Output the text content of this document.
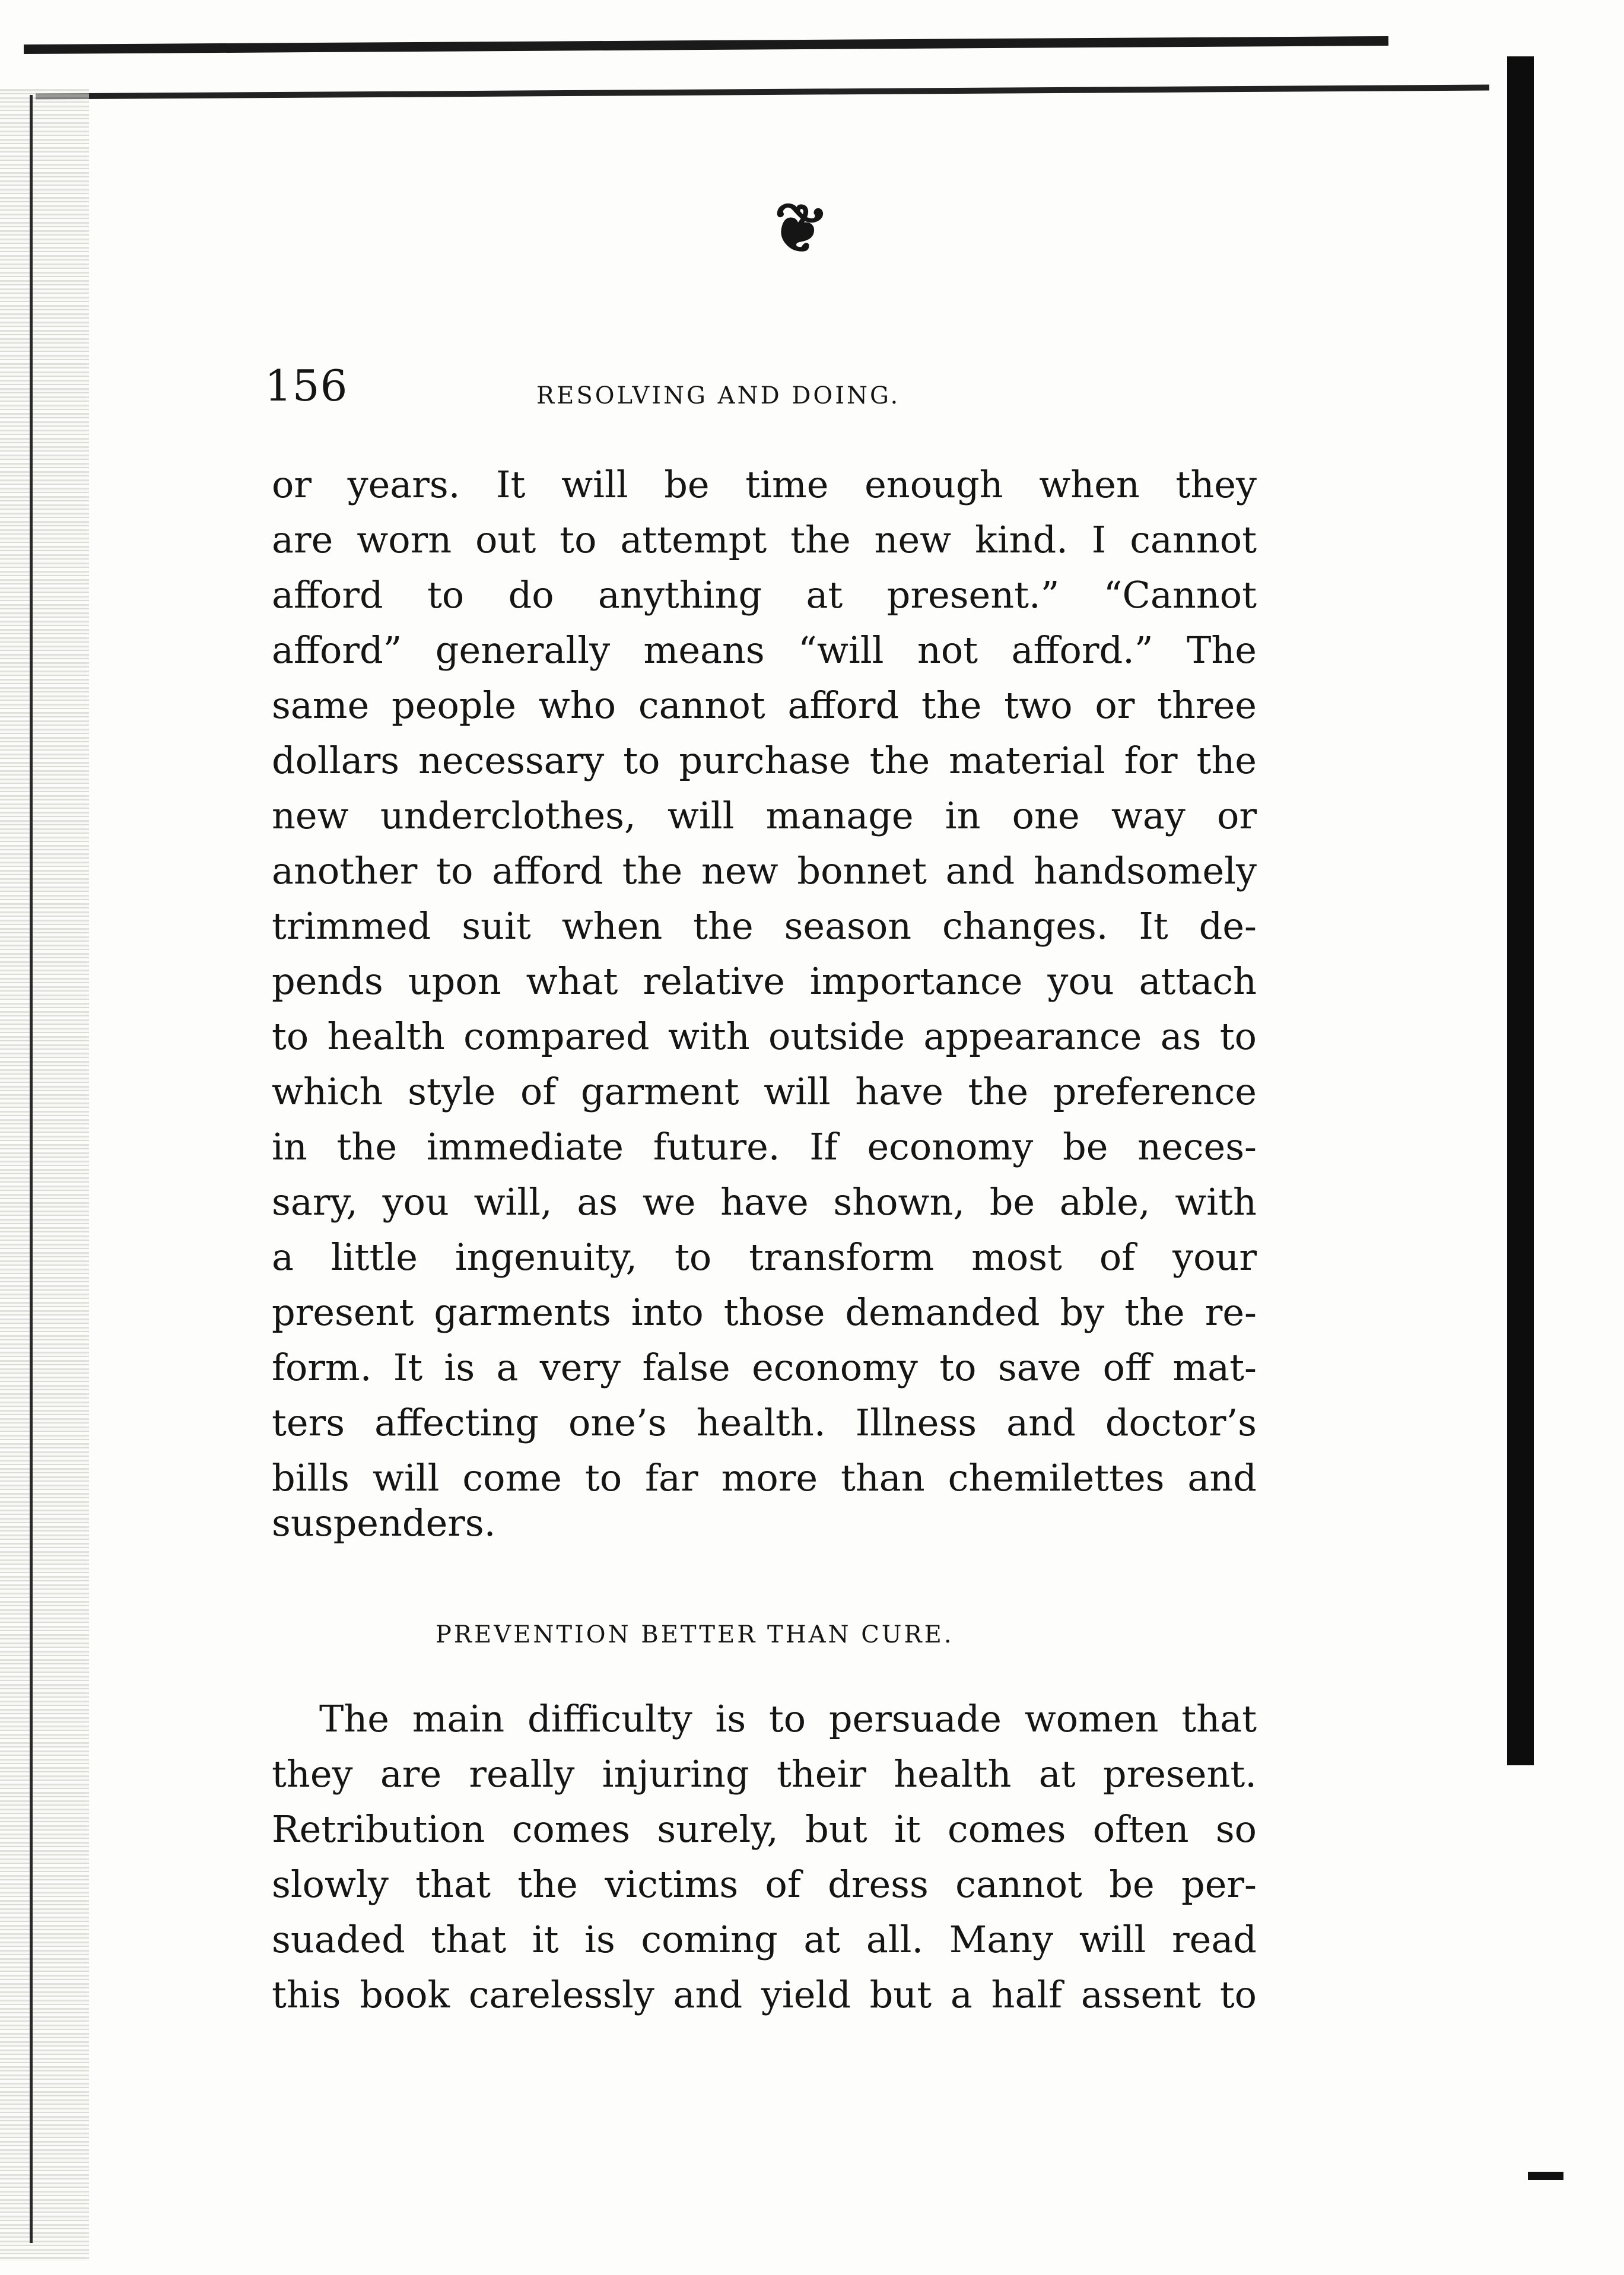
❦
156	RESOLVING AND DOING.
or years. It will be time enough when they
are worn out to attempt the new kind. I cannot
afford to do anything at present.” “Cannot
afford” generally means “will not afford.” The
same people who cannot afford the two or three
dollars necessary to purchase the material for the
new underclothes, will manage in one way or
another to afford the new bonnet and handsomely
trimmed suit when the season changes. It de-
pends upon what relative importance you attach
to health compared with outside appearance as to
which style of garment will have the preference
in the immediate future. If economy be neces-
sary, you will, as we have shown, be able, with
a little ingenuity, to transform most of your
present garments into those demanded by the re-
form. It is a very false economy to save off mat-
ters affecting one’s health. Illness and doctor’s
bills will come to far more than chemilettes and
suspenders.
PREVENTION BETTER THAN CURE.
The main difficulty is to persuade women that
they are really injuring their health at present.
Retribution comes surely, but it comes often so
slowly that the victims of dress cannot be per-
suaded that it is coming at all. Many will read
this book carelessly and yield but a half assent to
